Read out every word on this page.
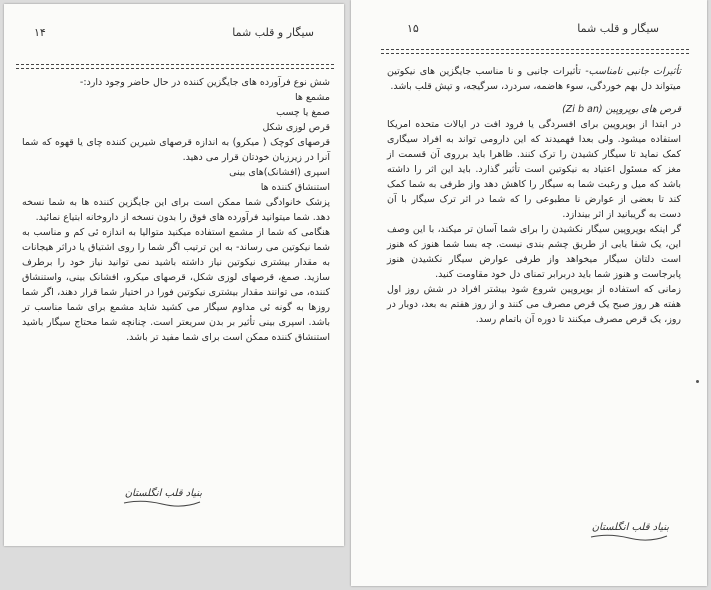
۱۴	سیگار و قلب شما

شش نوع فرآورده های جایگزین کننده در حال حاضر وجود دارد:-

مشمع ها

صمغ یا چسب

قرص لوزی شکل

قرصهای کوچک ( میکرو) به اندازه قرصهای شیرین کننده چای یا قهوه که شما آنرا در زیرزبان خودتان قرار می دهید.

اسپری (افشانک)های بینی

استنشاق کننده ها

پزشک خانوادگی شما ممکن است برای این جایگزین کننده ها به شما نسخه دهد. شما میتوانید فرآورده های فوق را بدون نسخه از داروخانه ابتیاع نمائید.

هنگامی که شما از مشمع استفاده میکنید متوالیا به اندازه ئی کم و مناسب به شما نیکوتین می رساند- به این ترتیب اگر شما را روی اشتیاق یا دراثر هیجانات به مقدار بیشتری نیکوتین نیاز داشته باشید نمی توانید نیاز خود را برطرف سازید. صمغ، قرصهای لوزی شکل، قرصهای میکرو، افشانک بینی، واستنشاق کننده، می توانند مقدار بیشتری نیکوتین فورا در اختیار شما قرار دهند، اگر شما روزها به گونه ئی مداوم سیگار می کشید شاید مشمع برای شما مناسب تر باشد. اسپری بینی تأثیر بر بدن سریعتر است. چنانچه شما محتاج سیگار باشید استنشاق کننده ممکن است برای شما مفید تر باشد.

بنیاد قلب انگلستان
۱۵	سیگار و قلب شما

تأثیرات جانبی نامناسب- تأثیرات جانبی و نا مناسب جایگزین های نیکوتین میتواند دل بهم خوردگی، سوء هاضمه، سردرد، سرگیجه، و تپش قلب باشد.

قرص های بوپروپین (Zi b an)

در ابتدا از بوپروپین برای افسردگی یا فرود افت در ایالات متحده امریکا استفاده میشود. ولی بعدا فهمیدند که این دارومی تواند به افراد سیگاری کمک نماید تا سیگار کشیدن را ترک کنند. ظاهرا باید برروی آن قسمت از مغز که مسئول اعتیاد به نیکوتین است تأثیر گذارد. باید این اثر را داشته باشد که میل و رغبت شما به سیگار را کاهش دهد واز طرفی به شما کمک کند تا بعضی از عوارض نا مطبوعی را که شما در اثر ترک سیگار با آن دست به گریبانید از اثر بیندازد.

گر اینکه بوپروپین سیگار نکشیدن را برای شما آسان تر میکند، با این وصف این، یک شفا یابی از طریق چشم بندی نیست. چه بسا شما هنوز که هنوز است دلتان سیگار میخواهد واز طرفی عوارض سیگار نکشیدن هنوز پابرجاست و هنوز شما باید دربرابر تمنای دل خود مقاومت کنید.

زمانی که استفاده از بوپروپین شروع شود بیشتر افراد در شش روز اول هفته هر روز صبح یک قرص مصرف می کنند و از روز هفتم به بعد، دوبار در روز، یک قرص مصرف میکنند تا دوره آن باتمام رسد.

بنیاد قلب انگلستان
